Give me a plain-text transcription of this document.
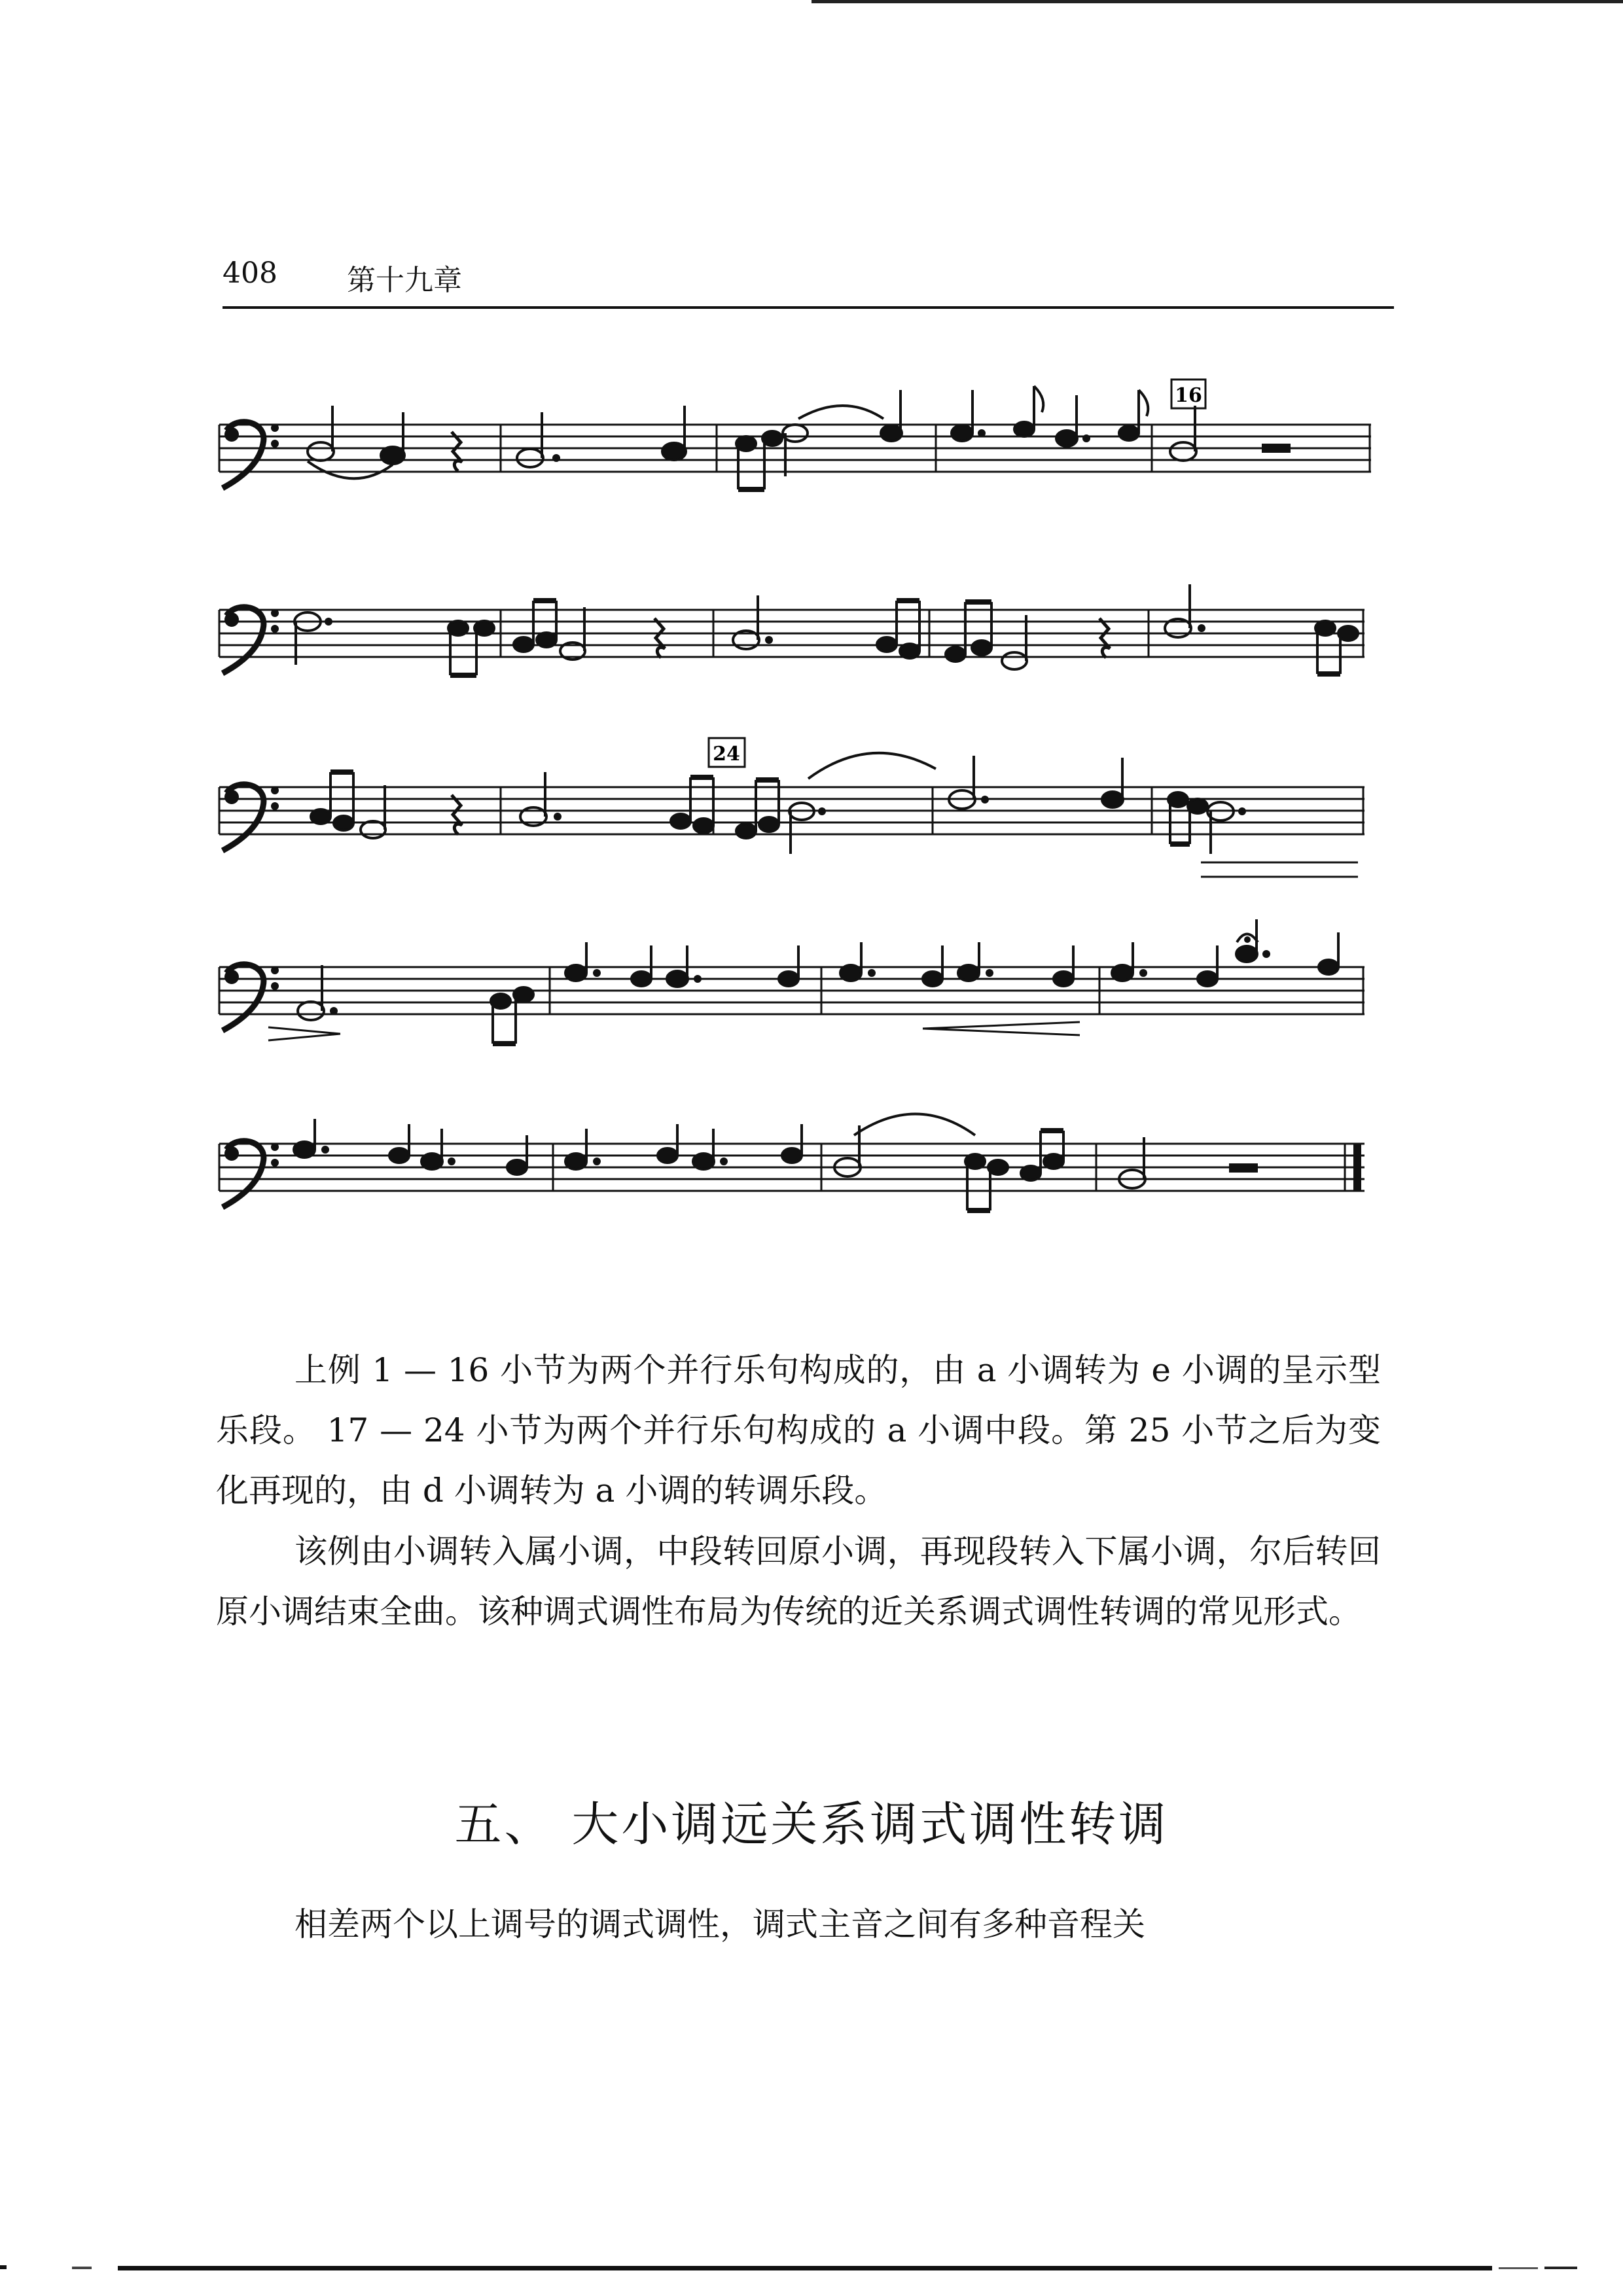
408 第十九章
16
24

上例 1 — 16 小节为两个并行乐句构成的，由 a 小调转为 e 小调的呈示型乐段。 17 — 24 小节为两个并行乐句构成的 a 小调中段。第 25 小节之后为变化再现的，由 d 小调转为 a 小调的转调乐段。

该例由小调转入属小调，中段转回原小调，再现段转入下属小调，尔后转回原小调结束全曲。该种调式调性布局为传统的近关系调式调性转调的常见形式。

五、 大小调远关系调式调性转调

相差两个以上调号的调式调性，调式主音之间有多种音程关
